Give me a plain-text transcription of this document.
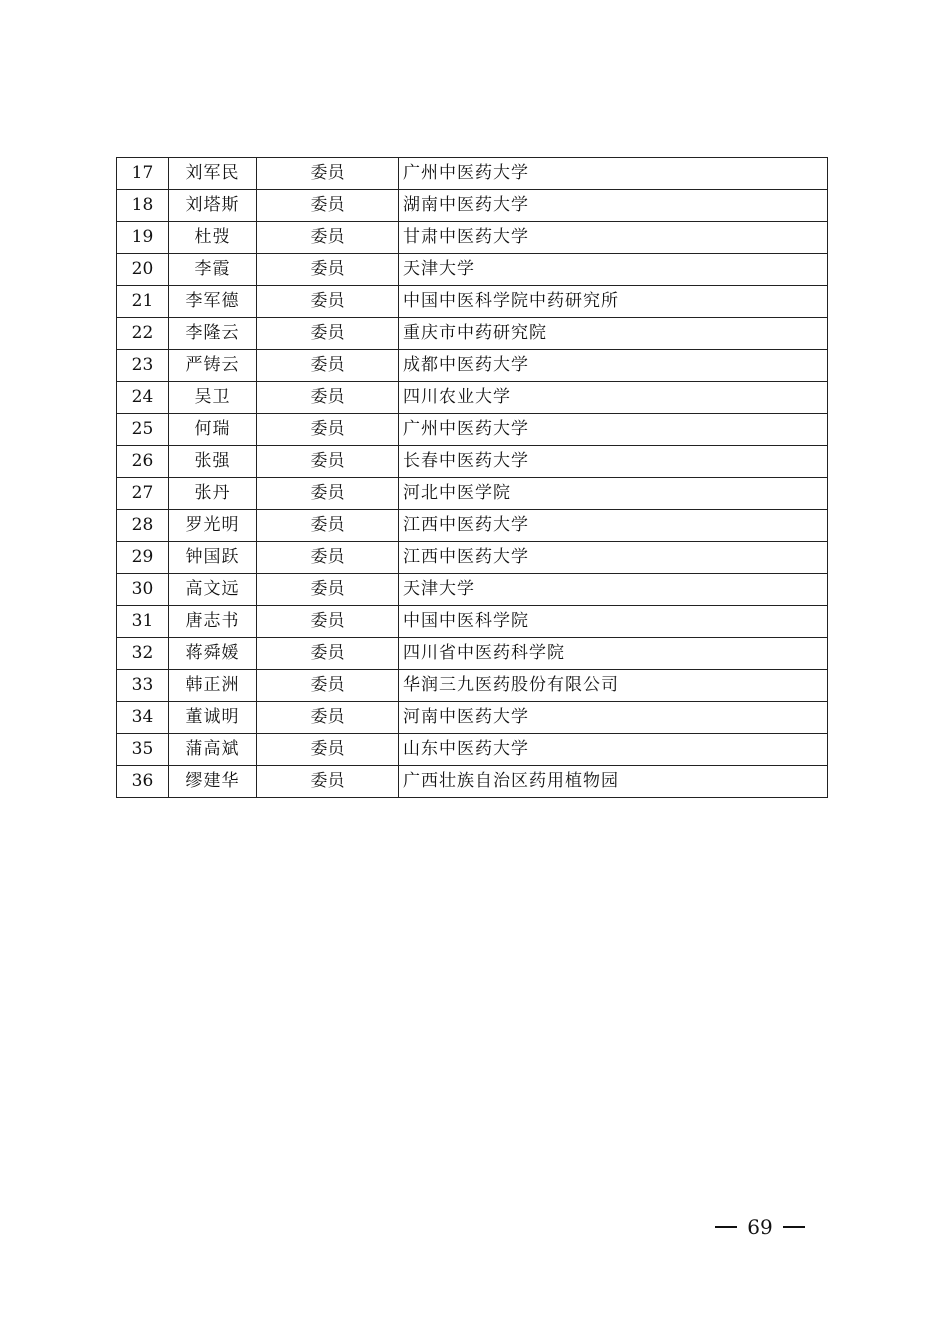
17	刘军民	委员	广州中医药大学
18	刘塔斯	委员	湖南中医药大学
19	杜弢	委员	甘肃中医药大学
20	李霞	委员	天津大学
21	李军德	委员	中国中医科学院中药研究所
22	李隆云	委员	重庆市中药研究院
23	严铸云	委员	成都中医药大学
24	吴卫	委员	四川农业大学
25	何瑞	委员	广州中医药大学
26	张强	委员	长春中医药大学
27	张丹	委员	河北中医学院
28	罗光明	委员	江西中医药大学
29	钟国跃	委员	江西中医药大学
30	高文远	委员	天津大学
31	唐志书	委员	中国中医科学院
32	蒋舜媛	委员	四川省中医药科学院
33	韩正洲	委员	华润三九医药股份有限公司
34	董诚明	委员	河南中医药大学
35	蒲高斌	委员	山东中医药大学
36	缪建华	委员	广西壮族自治区药用植物园
69
